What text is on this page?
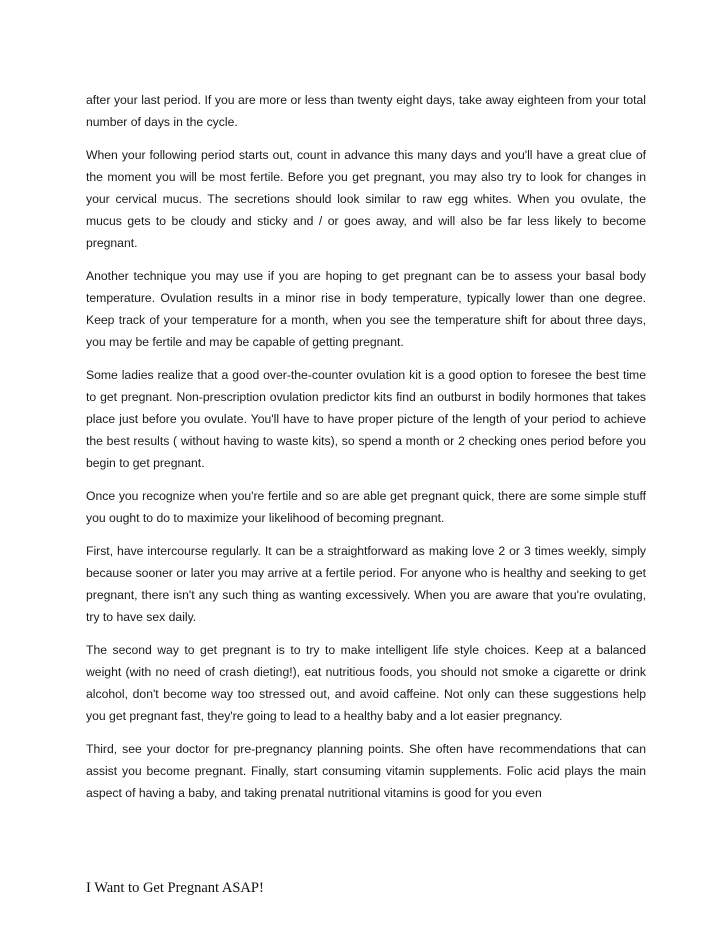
after your last period. If you are more or less than twenty eight days, take away eighteen from your total number of days in the cycle.

When your following period starts out, count in advance this many days and you'll have a great clue of the moment you will be most fertile. Before you get pregnant, you may also try to look for changes in your cervical mucus. The secretions should look similar to raw egg whites. When you ovulate, the mucus gets to be cloudy and sticky and / or goes away, and will also be far less likely to become pregnant.

Another technique you may use if you are hoping to get pregnant can be to assess your basal body temperature. Ovulation results in a minor rise in body temperature, typically lower than one degree. Keep track of your temperature for a month, when you see the temperature shift for about three days, you may be fertile and may be capable of getting pregnant.

Some ladies realize that a good over-the-counter ovulation kit is a good option to foresee the best time to get pregnant. Non-prescription ovulation predictor kits find an outburst in bodily hormones that takes place just before you ovulate. You'll have to have proper picture of the length of your period to achieve the best results ( without having to waste kits), so spend a month or 2 checking ones period before you begin to get pregnant.

Once you recognize when you're fertile and so are able get pregnant quick, there are some simple stuff you ought to do to maximize your likelihood of becoming pregnant.

First, have intercourse regularly. It can be a straightforward as making love 2 or 3 times weekly, simply because sooner or later you may arrive at a fertile period. For anyone who is healthy and seeking to get pregnant, there isn't any such thing as wanting excessively. When you are aware that you're ovulating, try to have sex daily.

The second way to get pregnant is to try to make intelligent life style choices. Keep at a balanced weight (with no need of crash dieting!), eat nutritious foods, you should not smoke a cigarette or drink alcohol, don't become way too stressed out, and avoid caffeine. Not only can these suggestions help you get pregnant fast, they're going to lead to a healthy baby and a lot easier pregnancy.

Third, see your doctor for pre-pregnancy planning points. She often have recommendations that can assist you become pregnant. Finally, start consuming vitamin supplements. Folic acid plays the main aspect of having a baby, and taking prenatal nutritional vitamins is good for you even

I Want to Get Pregnant ASAP!
